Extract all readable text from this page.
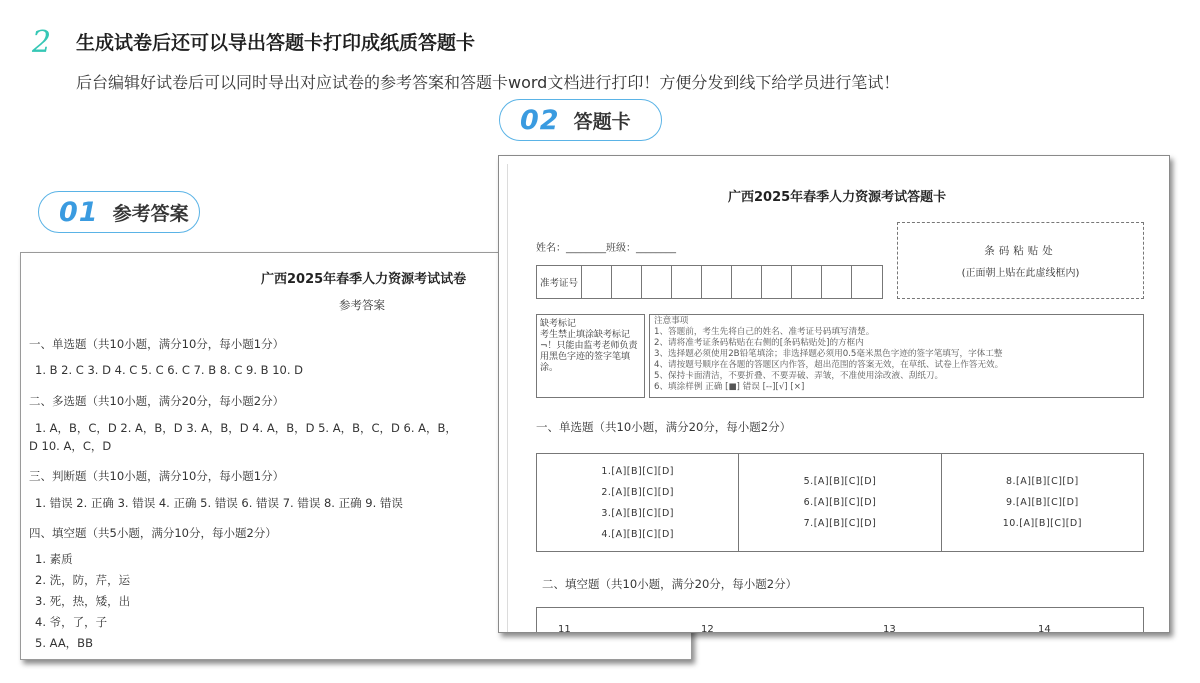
2 生成试卷后还可以导出答题卡打印成纸质答题卡
后台编辑好试卷后可以同时导出对应试卷的参考答案和答题卡word文档进行打印！方便分发到线下给学员进行笔试！
02 答题卡
广西2025年春季人力资源考试试卷
参考答案
一、单选题（共10小题，满分10分，每小题1分）
1. B 2. C 3. D 4. C 5. C 6. C 7. B 8. C 9. B 10. D
二、多选题（共10小题，满分20分，每小题2分）
1. A，B，C，D 2. A，B，D 3. A，B，D 4. A，B，D 5. A，B，C，D 6. A，B，
D 10. A，C，D
三、判断题（共10小题，满分10分，每小题1分）
1. 错误 2. 正确 3. 错误 4. 正确 5. 错误 6. 错误 7. 错误 8. 正确 9. 错误
四、填空题（共5小题，满分10分，每小题2分）
1. 素质
2. 洗，防，芹，运
3. 死，热，矮，出
4. 爷，了，子
5. AA，BB
01 参考答案
广西2025年春季人力资源考试答题卡
姓名：________班级：________
准考证号
条码粘贴处
(正面朝上贴在此虚线框内)
缺考标记
考生禁止填涂缺考标记¬！只能由监考老师负责用黑色字迹的签字笔填涂。
注意事项
1、答题前，考生先将自己的姓名、准考证号码填写清楚。
2、请将准考证条码粘贴在右侧的[条码粘贴处]的方框内
3、选择题必须使用2B铅笔填涂；非选择题必须用0.5毫米黑色字迹的签字笔填写，字体工整
4、请按题号顺序在各题的答题区内作答，超出范围的答案无效，在草纸、试卷上作答无效。
5、保持卡面清洁，不要折叠、不要弄破、弄皱，不准使用涂改液、刮纸刀。
6、填涂样例 正确 [■] 错误 [--][√] [×]
一、单选题（共10小题，满分20分，每小题2分）
1.[A][B][C][D]
2.[A][B][C][D]
3.[A][B][C][D]
4.[A][B][C][D]
5.[A][B][C][D]
6.[A][B][C][D]
7.[A][B][C][D]
8.[A][B][C][D]
9.[A][B][C][D]
10.[A][B][C][D]
二、填空题（共10小题，满分20分，每小题2分）
11	12	13	14
